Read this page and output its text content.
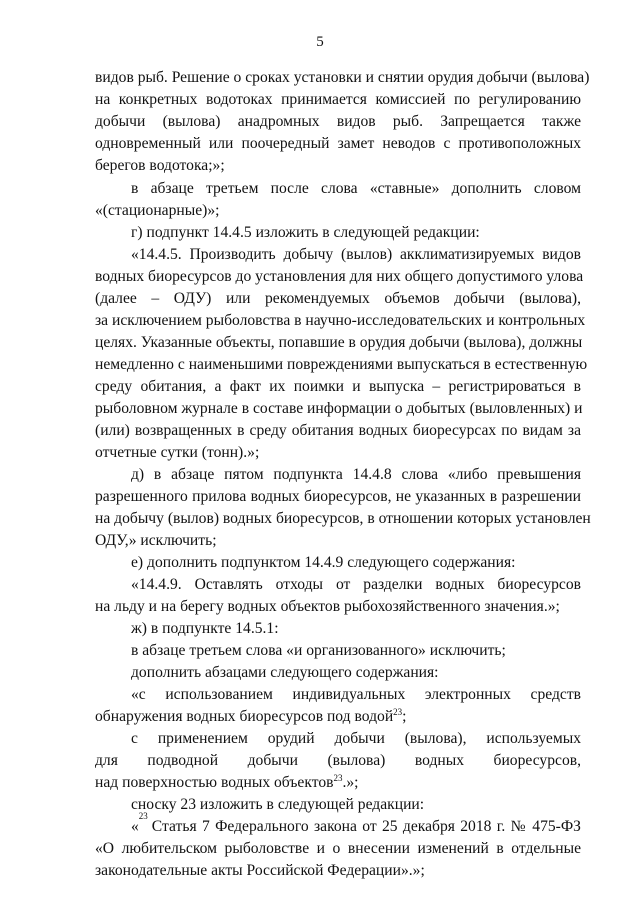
5
видов рыб. Решение о сроках установки и снятии орудия добычи (вылова)
на конкретных водотоках принимается комиссией по регулированию
добычи (вылова) анадромных видов рыб. Запрещается также
одновременный или поочередный замет неводов с противоположных
берегов водотока;»;
в абзаце третьем после слова «ставные» дополнить словом
«(стационарные)»;
г) подпункт 14.4.5 изложить в следующей редакции:
«14.4.5. Производить добычу (вылов) акклиматизируемых видов
водных биоресурсов до установления для них общего допустимого улова
(далее – ОДУ) или рекомендуемых объемов добычи (вылова),
за исключением рыболовства в научно-исследовательских и контрольных
целях. Указанные объекты, попавшие в орудия добычи (вылова), должны
немедленно с наименьшими повреждениями выпускаться в естественную
среду обитания, а факт их поимки и выпуска – регистрироваться в
рыболовном журнале в составе информации о добытых (выловленных) и
(или) возвращенных в среду обитания водных биоресурсах по видам за
отчетные сутки (тонн).»;
д) в абзаце пятом подпункта 14.4.8 слова «либо превышения
разрешенного прилова водных биоресурсов, не указанных в разрешении
на добычу (вылов) водных биоресурсов, в отношении которых установлен
ОДУ,» исключить;
е) дополнить подпунктом 14.4.9 следующего содержания:
«14.4.9. Оставлять отходы от разделки водных биоресурсов
на льду и на берегу водных объектов рыбохозяйственного значения.»;
ж) в подпункте 14.5.1:
в абзаце третьем слова «и организованного» исключить;
дополнить абзацами следующего содержания:
«с использованием индивидуальных электронных средств
обнаружения водных биоресурсов под водой$^{23}$;
с применением орудий добычи (вылова), используемых
для подводной добычи (вылова) водных биоресурсов,
над поверхностью водных объектов$^{23}$.»;
сноску 23 изложить в следующей редакции:
«
23
Статья 7 Федерального закона от 25 декабря 2018 г. № 475-ФЗ
«О любительском рыболовстве и о внесении изменений в отдельные
законодательные акты Российской Федерации».»;
